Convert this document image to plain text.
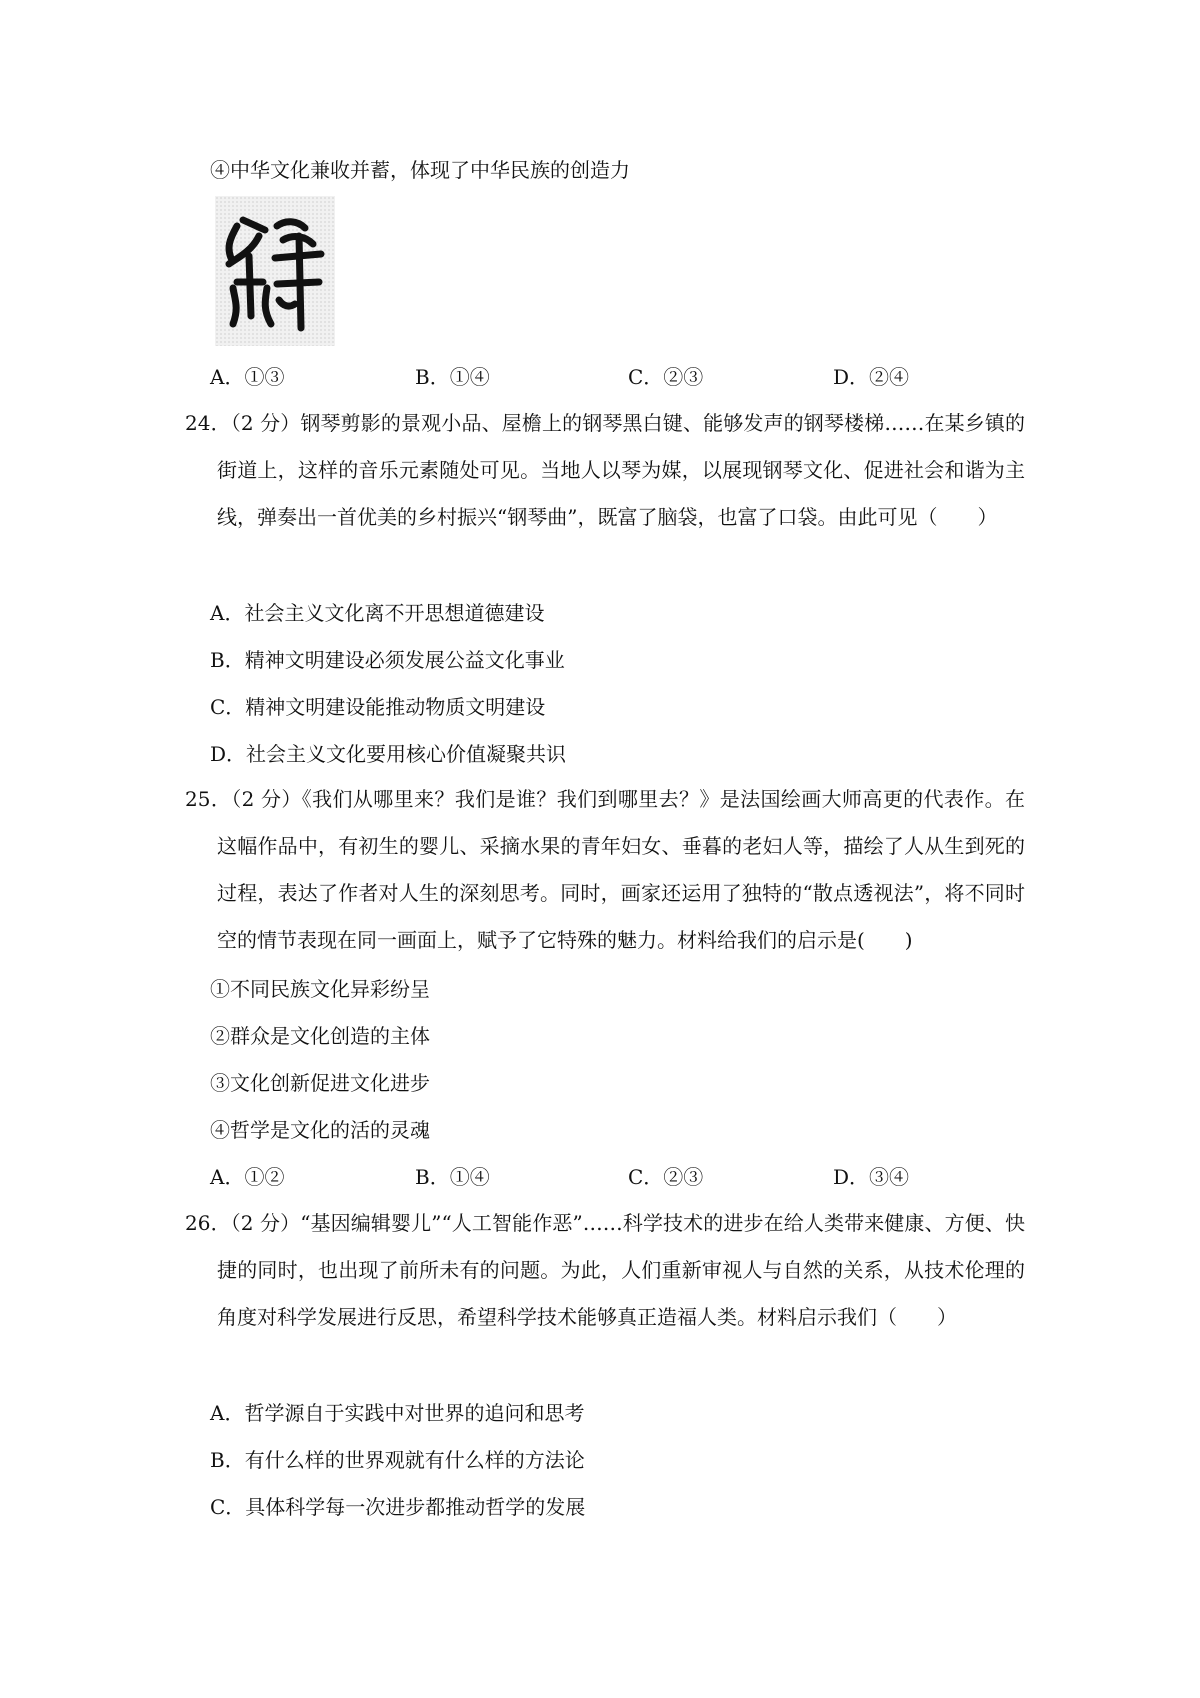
④中华文化兼收并蓄，体现了中华民族的创造力
A．①③	B．①④	C．②③	D．②④
24．（2 分）钢琴剪影的景观小品、屋檐上的钢琴黑白键、能够发声的钢琴楼梯……在某乡镇的街道上，这样的音乐元素随处可见。当地人以琴为媒，以展现钢琴文化、促进社会和谐为主线，弹奏出一首优美的乡村振兴“钢琴曲”，既富了脑袋，也富了口袋。由此可见（　　）
A．社会主义文化离不开思想道德建设
B．精神文明建设必须发展公益文化事业
C．精神文明建设能推动物质文明建设
D．社会主义文化要用核心价值凝聚共识
25．（2 分）《我们从哪里来？我们是谁？我们到哪里去？》是法国绘画大师高更的代表作。在这幅作品中，有初生的婴儿、采摘水果的青年妇女、垂暮的老妇人等，描绘了人从生到死的过程，表达了作者对人生的深刻思考。同时，画家还运用了独特的“散点透视法”，将不同时空的情节表现在同一画面上，赋予了它特殊的魅力。材料给我们的启示是(　　)
①不同民族文化异彩纷呈
②群众是文化创造的主体
③文化创新促进文化进步
④哲学是文化的活的灵魂
A．①②	B．①④	C．②③	D．③④
26．（2 分）“基因编辑婴儿”“人工智能作恶”……科学技术的进步在给人类带来健康、方便、快捷的同时，也出现了前所未有的问题。为此，人们重新审视人与自然的关系，从技术伦理的角度对科学发展进行反思，希望科学技术能够真正造福人类。材料启示我们（　　）
A．哲学源自于实践中对世界的追问和思考
B．有什么样的世界观就有什么样的方法论
C．具体科学每一次进步都推动哲学的发展
